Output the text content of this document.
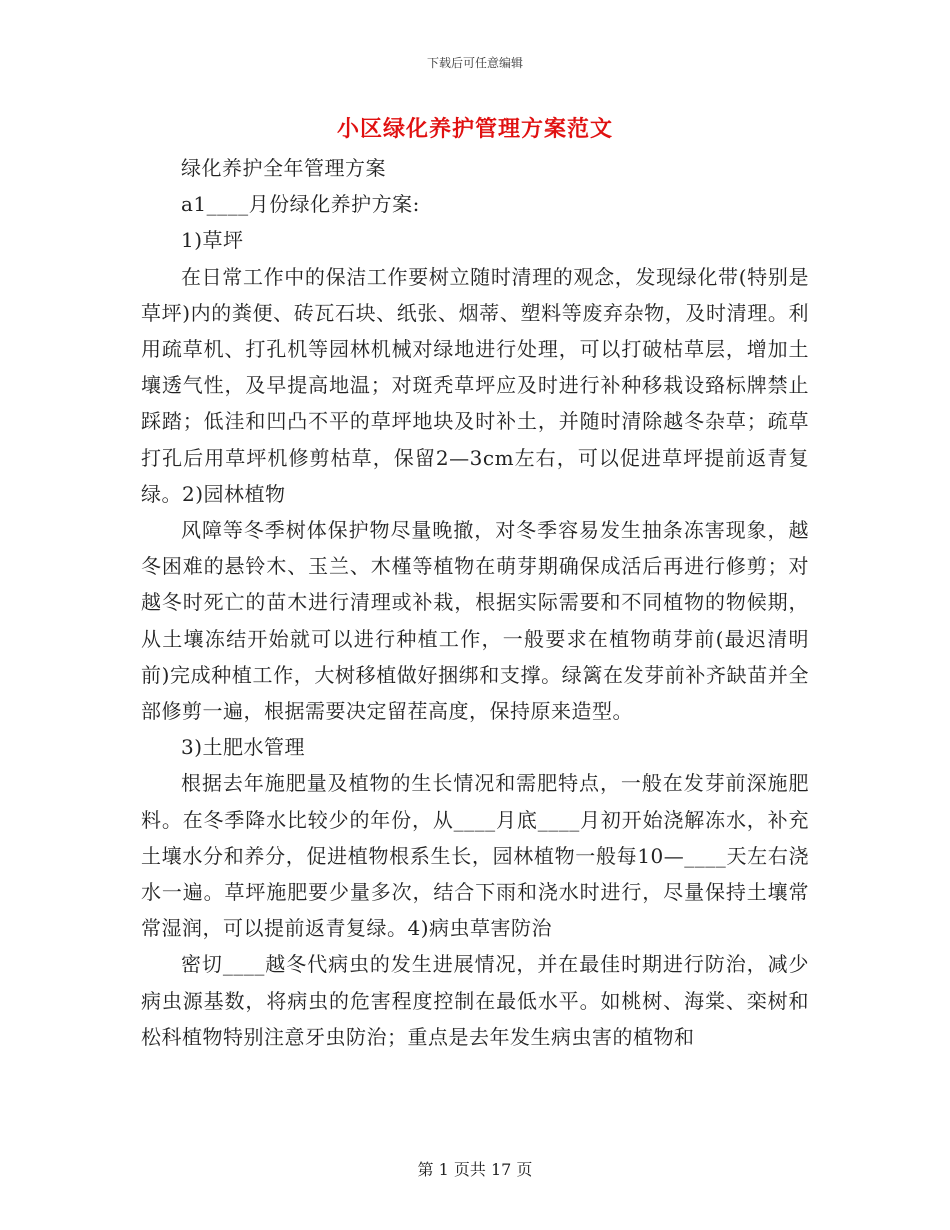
下载后可任意编辑

小区绿化养护管理方案范文

绿化养护全年管理方案

a1____月份绿化养护方案:

1)草坪

在日常工作中的保洁工作要树立随时清理的观念，发现绿化带(特别是草坪)内的粪便、砖瓦石块、纸张、烟蒂、塑料等废弃杂物，及时清理。利用疏草机、打孔机等园林机械对绿地进行处理，可以打破枯草层，增加土壤透气性，及早提高地温；对斑秃草坪应及时进行补种移栽设臵标牌禁止踩踏；低洼和凹凸不平的草坪地块及时补土，并随时清除越冬杂草；疏草打孔后用草坪机修剪枯草，保留2—3cm左右，可以促进草坪提前返青复绿。2)园林植物

风障等冬季树体保护物尽量晚撤，对冬季容易发生抽条冻害现象，越冬困难的悬铃木、玉兰、木槿等植物在萌芽期确保成活后再进行修剪；对越冬时死亡的苗木进行清理或补栽，根据实际需要和不同植物的物候期，从土壤冻结开始就可以进行种植工作，一般要求在植物萌芽前(最迟清明前)完成种植工作，大树移植做好捆绑和支撑。绿篱在发芽前补齐缺苗并全部修剪一遍，根据需要决定留茬高度，保持原来造型。

3)土肥水管理

根据去年施肥量及植物的生长情况和需肥特点，一般在发芽前深施肥料。在冬季降水比较少的年份，从____月底____月初开始浇解冻水，补充土壤水分和养分，促进植物根系生长，园林植物一般每10—____天左右浇水一遍。草坪施肥要少量多次，结合下雨和浇水时进行，尽量保持土壤常常湿润，可以提前返青复绿。4)病虫草害防治

密切____越冬代病虫的发生进展情况，并在最佳时期进行防治，减少病虫源基数，将病虫的危害程度控制在最低水平。如桃树、海棠、栾树和松科植物特别注意牙虫防治；重点是去年发生病虫害的植物和

第 1 页共 17 页
